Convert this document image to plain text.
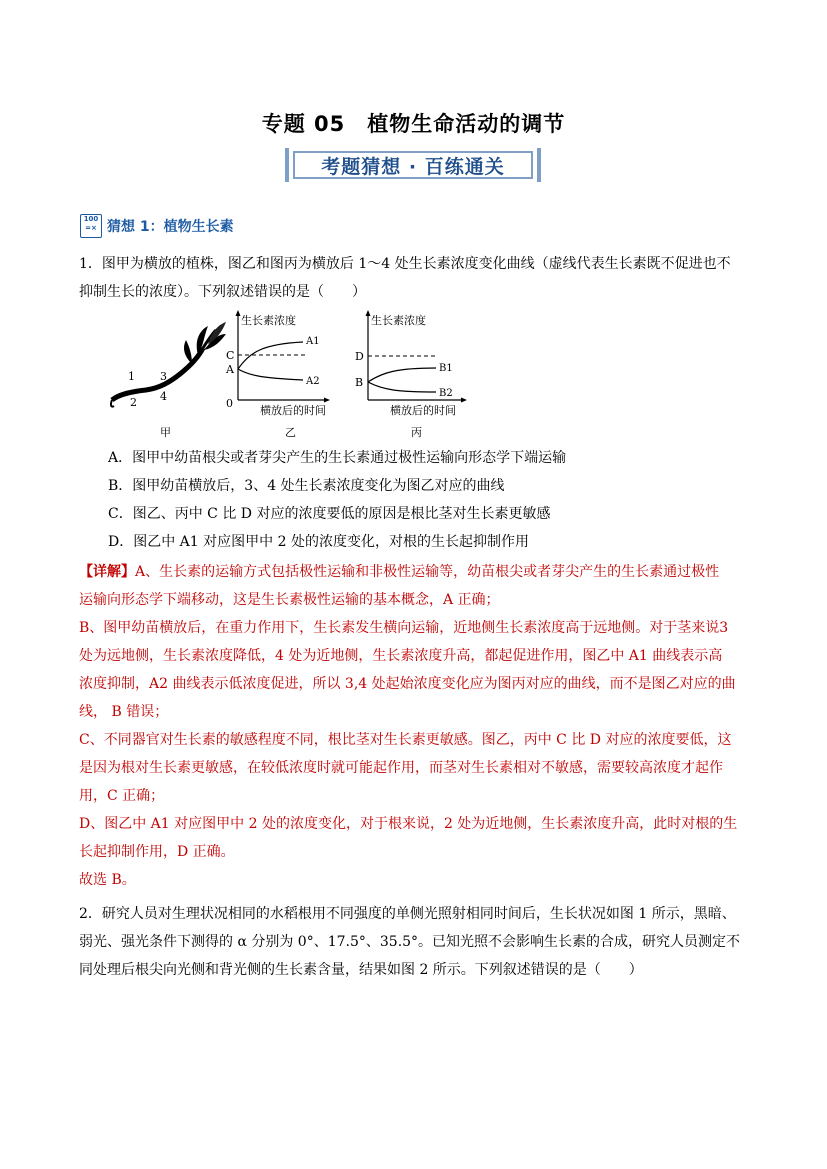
专题 05　植物生命活动的调节
考题猜想 · 百练通关
100
=× 猜想 1：植物生长素
1．图甲为横放的植株，图乙和图丙为横放后 1～4 处生长素浓度变化曲线（虚线代表生长素既不促进也不
抑制生长的浓度）。下列叙述错误的是（　　）
1
2
3
4
甲
生长素浓度
横放后的时间
0
C
A
A1
A2
乙
生长素浓度
横放后的时间
D
B
B1
B2
丙
A．图甲中幼苗根尖或者芽尖产生的生长素通过极性运输向形态学下端运输
B．图甲幼苗横放后，3、4 处生长素浓度变化为图乙对应的曲线
C．图乙、丙中 C 比 D 对应的浓度要低的原因是根比茎对生长素更敏感
D．图乙中 A1 对应图甲中 2 处的浓度变化，对根的生长起抑制作用
【详解】A、生长素的运输方式包括极性运输和非极性运输等，幼苗根尖或者芽尖产生的生长素通过极性
运输向形态学下端移动，这是生长素极性运输的基本概念，A 正确；
B、图甲幼苗横放后，在重力作用下，生长素发生横向运输，近地侧生长素浓度高于远地侧。对于茎来说3
处为远地侧，生长素浓度降低，4 处为近地侧，生长素浓度升高，都起促进作用，图乙中 A1 曲线表示高
浓度抑制，A2 曲线表示低浓度促进，所以 3,4 处起始浓度变化应为图丙对应的曲线，而不是图乙对应的曲
线， B 错误；
C、不同器官对生长素的敏感程度不同，根比茎对生长素更敏感。图乙，丙中 C 比 D 对应的浓度要低，这
是因为根对生长素更敏感，在较低浓度时就可能起作用，而茎对生长素相对不敏感，需要较高浓度才起作
用，C 正确；
D、图乙中 A1 对应图甲中 2 处的浓度变化，对于根来说，2 处为近地侧，生长素浓度升高，此时对根的生
长起抑制作用，D 正确。
故选 B。
2．研究人员对生理状况相同的水稻根用不同强度的单侧光照射相同时间后，生长状况如图 1 所示，黑暗、
弱光、强光条件下测得的 α 分别为 0°、17.5°、35.5°。已知光照不会影响生长素的合成，研究人员测定不
同处理后根尖向光侧和背光侧的生长素含量，结果如图 2 所示。下列叙述错误的是（　　）
